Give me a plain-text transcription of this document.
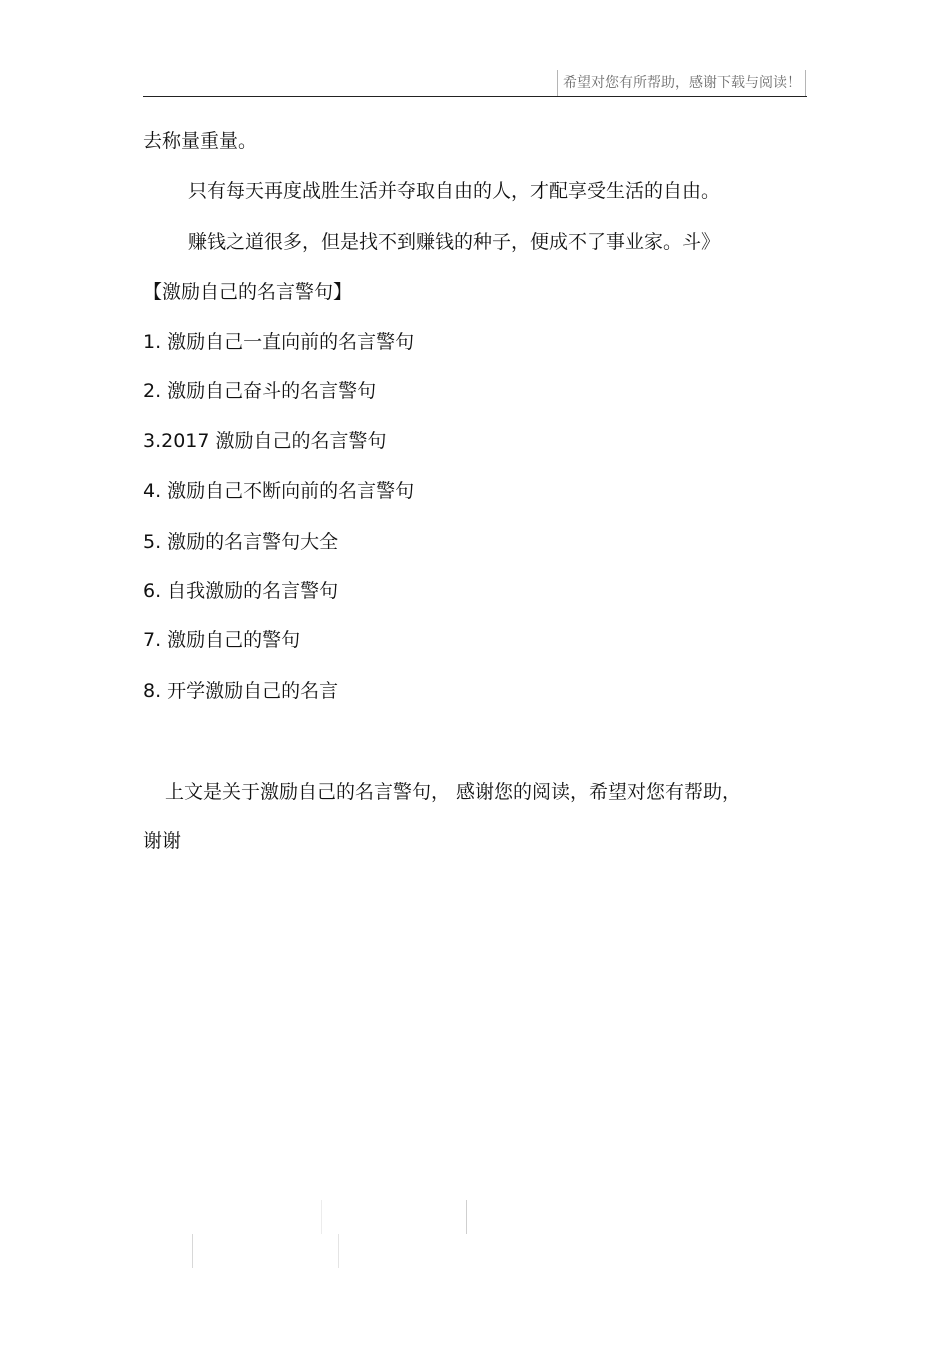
希望对您有所帮助，感谢下载与阅读！
去称量重量。
只有每天再度战胜生活并夺取自由的人，才配享受生活的自由。
赚钱之道很多，但是找不到赚钱的种子，便成不了事业家。斗》
【激励自己的名言警句】
1. 激励自己一直向前的名言警句
2. 激励自己奋斗的名言警句
3.2017 激励自己的名言警句
4. 激励自己不断向前的名言警句
5. 激励的名言警句大全
6. 自我激励的名言警句
7. 激励自己的警句
8. 开学激励自己的名言
上文是关于激励自己的名言警句， 感谢您的阅读，希望对您有帮助，
谢谢
